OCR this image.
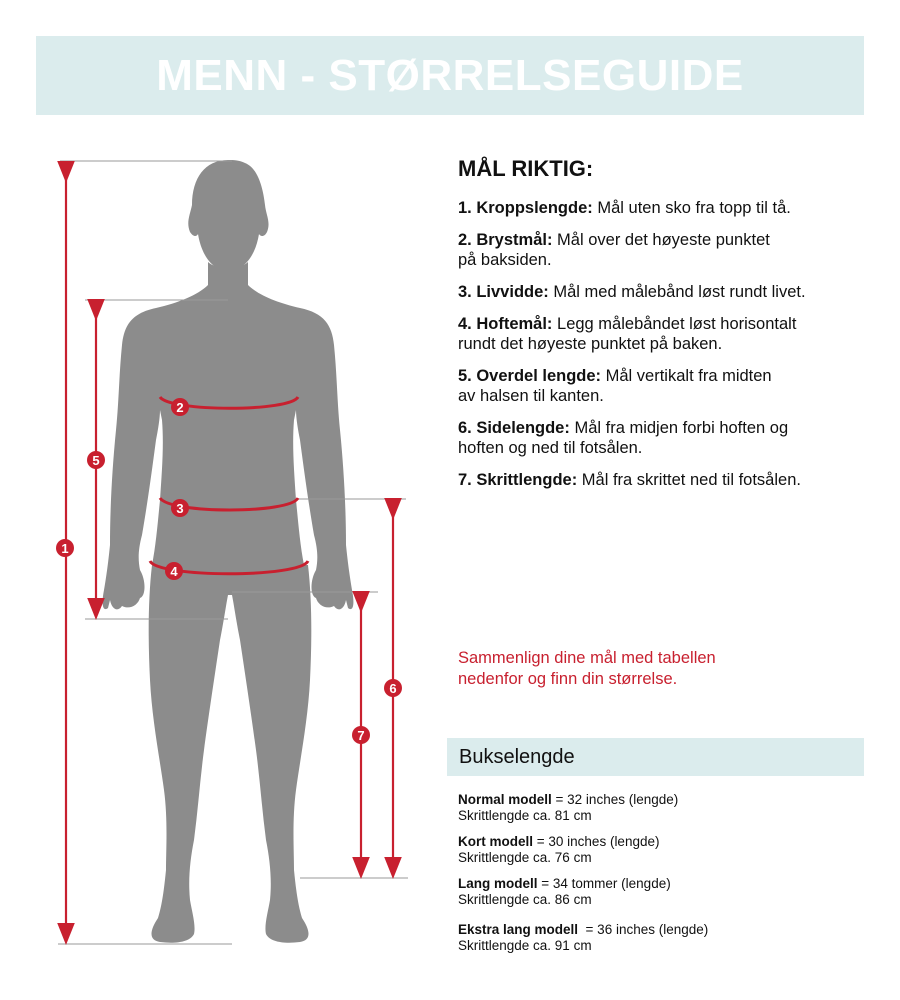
MENN - STØRRELSEGUIDE
1
2
3
4
5
6
7
MÅL RIKTIG:
1. Kroppslengde: Mål uten sko fra topp til tå.
2. Brystmål: Mål over det høyeste punktet
på baksiden.
3. Livvidde: Mål med målebånd løst rundt livet.
4. Hoftemål: Legg målebåndet løst horisontalt
rundt det høyeste punktet på baken.
5. Overdel lengde: Mål vertikalt fra midten
av halsen til kanten.
6. Sidelengde: Mål fra midjen forbi hoften og
hoften og ned til fotsålen.
7. Skrittlengde: Mål fra skrittet ned til fotsålen.
Sammenlign dine mål med tabellen
nedenfor og finn din størrelse.
Bukselengde
Normal modell = 32 inches (lengde)
Skrittlengde ca. 81 cm
Kort modell = 30 inches (lengde)
Skrittlengde ca. 76 cm
Lang modell = 34 tommer (lengde)
Skrittlengde ca. 86 cm
Ekstra lang modell  = 36 inches (lengde)
Skrittlengde ca. 91 cm
